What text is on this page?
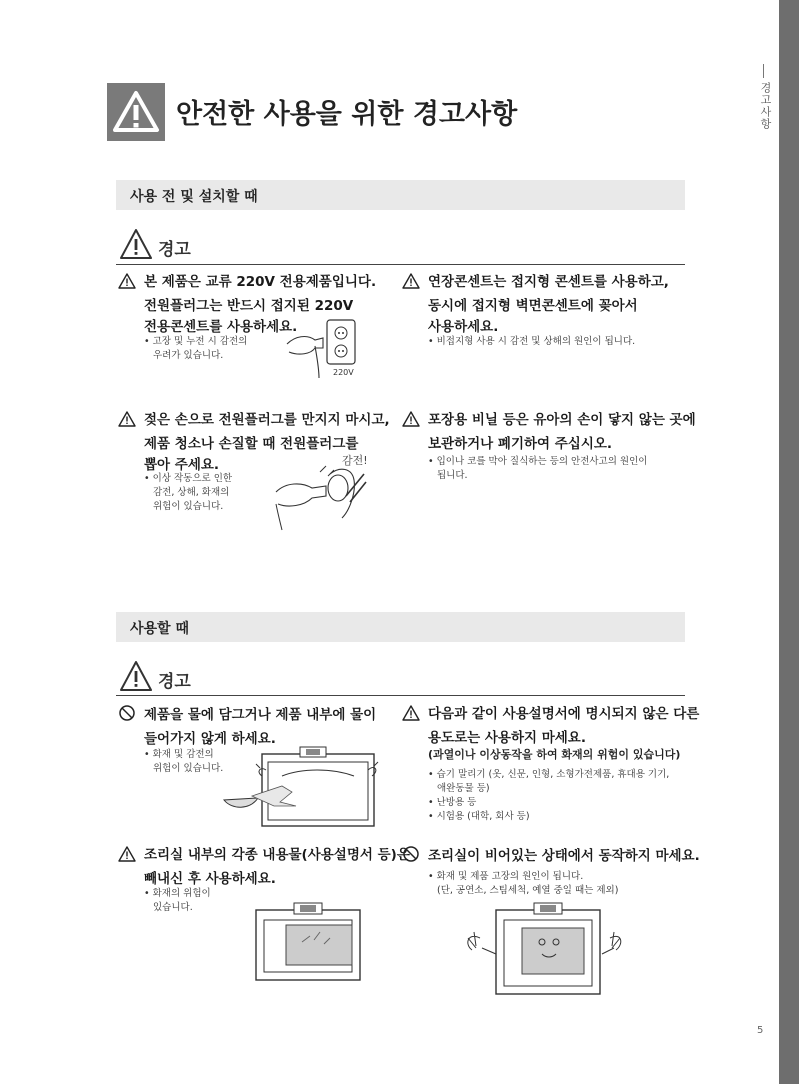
경고사항
안전한 사용을 위한 경고사항
사용 전 및 설치할 때
경고
본 제품은 교류 220V 전용제품입니다.
전원플러그는 반드시 접지된 220V
전용콘센트를 사용하세요.
• 고장 및 누전 시 감전의
우려가 있습니다.
220V
연장콘센트는 접지형 콘센트를 사용하고,
동시에 접지형 벽면콘센트에 꽂아서
사용하세요.
• 비접지형 사용 시 감전 및 상해의 원인이 됩니다.
젖은 손으로 전원플러그를 만지지 마시고,
제품 청소나 손질할 때 전원플러그를
뽑아 주세요.
• 이상 작동으로 인한
감전, 상해, 화재의
위험이 있습니다.
감전!
포장용 비닐 등은 유아의 손이 닿지 않는 곳에
보관하거나 폐기하여 주십시오.
• 입이나 코를 막아 질식하는 등의 안전사고의 원인이
됩니다.
사용할 때
경고
제품을 물에 담그거나 제품 내부에 물이
들어가지 않게 하세요.
• 화재 및 감전의
위험이 있습니다.
다음과 같이 사용설명서에 명시되지 않은 다른
용도로는 사용하지 마세요.
(과열이나 이상동작을 하여 화재의 위험이 있습니다)
• 습기 말리기 (옷, 신문, 인형, 소형가전제품, 휴대용 기기,
애완동물 등)
• 난방용 등
• 시험용 (대학, 회사 등)
조리실 내부의 각종 내용물(사용설명서 등)은
빼내신 후 사용하세요.
• 화재의 위험이
있습니다.
조리실이 비어있는 상태에서 동작하지 마세요.
• 화재 및 제품 고장의 원인이 됩니다.
(단, 공연소, 스팀세척, 예열 중일 때는 제외)
5
